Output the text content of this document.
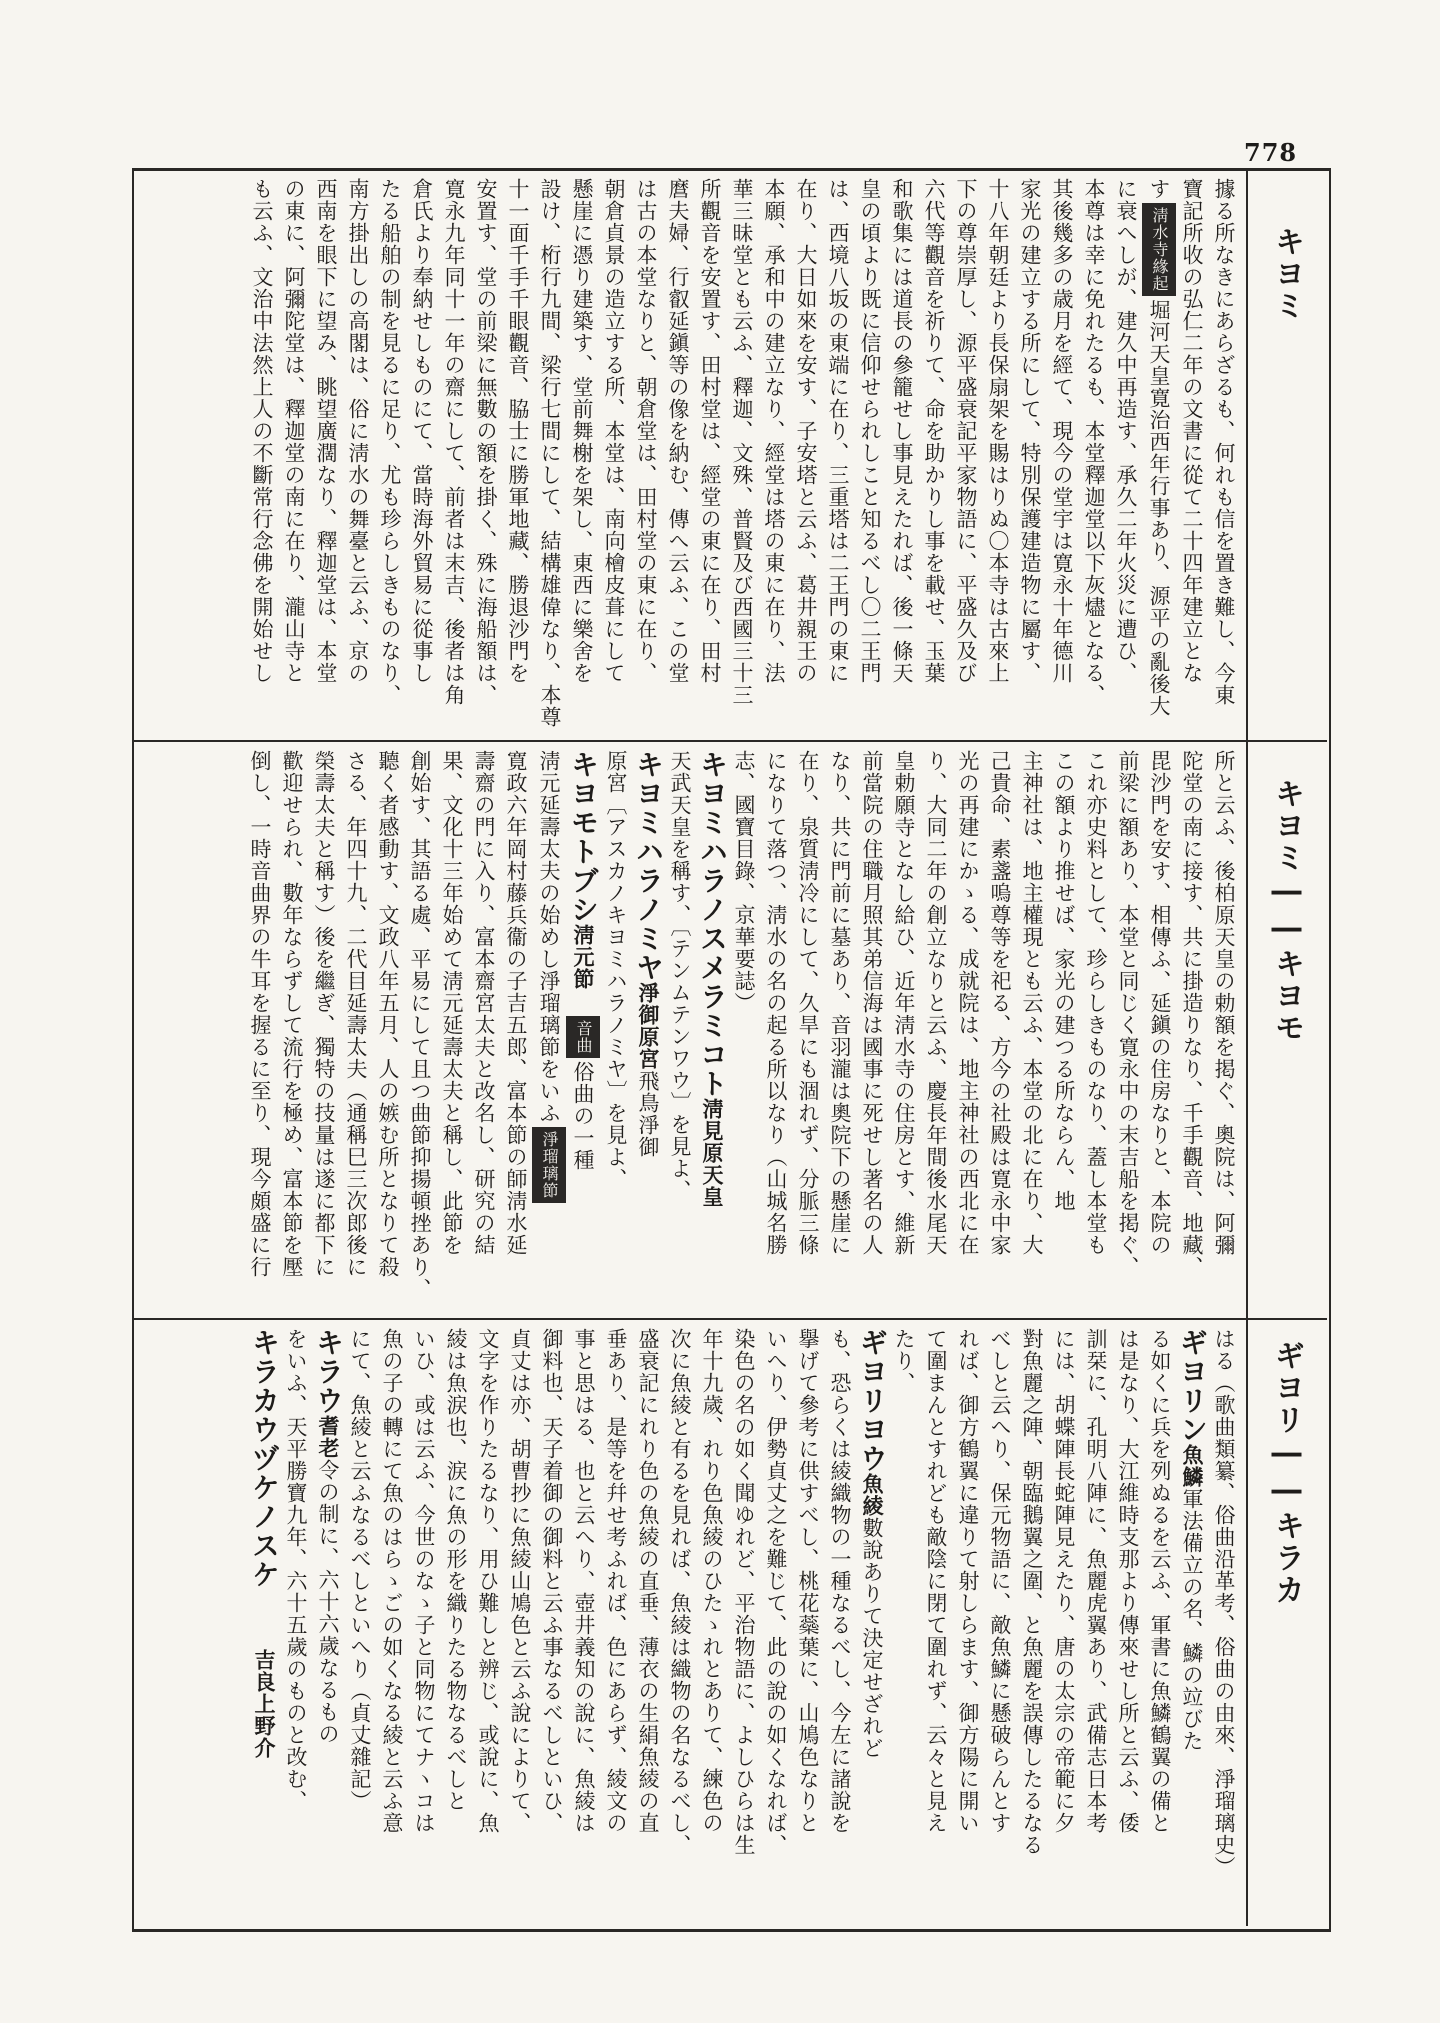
778
キヨミ
キヨミ――キヨモ
ギヨリ――キラカ

據る所なきにあらざるも、何れも信を置き難し、今東

寶記所收の弘仁二年の文書に從て二十四年建立とな

す淸水寺緣起堀河天皇寛治西年行事あり、源平の亂後大

に衰へしが、建久中再造す、承久二年火災に遭ひ、

本尊は幸に免れたるも、本堂釋迦堂以下灰燼となる、

其後幾多の歳月を經て、現今の堂宇は寛永十年德川

家光の建立する所にして、特別保護建造物に屬す、

十八年朝廷より長保扇架を賜はりぬ〇本寺は古來上

下の尊崇厚し、源平盛衰記平家物語に、平盛久及び

六代等觀音を祈りて、命を助かりし事を載せ、玉葉

和歌集には道長の參籠せし事見えたれば、後一條天

皇の頃より既に信仰せられしこと知るべし〇二王門

は、西境八坂の東端に在り、三重塔は二王門の東に

在り、大日如來を安す、子安塔と云ふ、葛井親王の

本願、承和中の建立なり、經堂は塔の東に在り、法

華三昧堂とも云ふ、釋迦、文殊、普賢及び西國三十三

所觀音を安置す、田村堂は、經堂の東に在り、田村

麿夫婦、行叡延鎭等の像を納む、傳へ云ふ、この堂

は古の本堂なりと、朝倉堂は、田村堂の東に在り、

朝倉貞景の造立する所、本堂は、南向檜皮葺にして

懸崖に憑り建築す、堂前舞榭を架し、東西に樂舍を

設け、桁行九間、梁行七間にして、結構雄偉なり、本尊

十一面千手千眼觀音、脇士に勝軍地藏、勝退沙門を

安置す、堂の前梁に無數の額を掛く、殊に海船額は、

寛永九年同十一年の齋にして、前者は末吉、後者は角

倉氏より奉納せしものにて、當時海外貿易に從事し

たる船舶の制を見るに足り、尤も珍らしきものなり、

南方掛出しの高閣は、俗に淸水の舞臺と云ふ、京の

西南を眼下に望み、眺望廣濶なり、釋迦堂は、本堂

の東に、阿彌陀堂は、釋迦堂の南に在り、瀧山寺と

も云ふ、文治中法然上人の不斷常行念佛を開始せし

所と云ふ、後柏原天皇の勅額を掲ぐ、奧院は、阿彌

陀堂の南に接す、共に掛造りなり、千手觀音、地藏、

毘沙門を安す、相傳ふ、延鎭の住房なりと、本院の

前梁に額あり、本堂と同じく寛永中の末吉船を掲ぐ、

これ亦史料として、珍らしきものなり、蓋し本堂も

この額より推せば、家光の建つる所ならん、地

主神社は、地主權現とも云ふ、本堂の北に在り、大

己貴命、素盞嗚尊等を祀る、方今の社殿は寛永中家

光の再建にかゝる、成就院は、地主神社の西北に在

り、大同二年の創立なりと云ふ、慶長年間後水尾天

皇勅願寺となし給ひ、近年淸水寺の住房とす、維新

前當院の住職月照其弟信海は國事に死せし著名の人

なり、共に門前に墓あり、音羽瀧は奧院下の懸崖に

在り、泉質淸冷にして、久旱にも涸れず、分脈三條

になりて落つ、淸水の名の起る所以なり（山城名勝

志、國寶目錄、京華要誌）

キヨミハラノスメラミコト淸見原天皇

天武天皇を稱す、〔テンムテンワウ〕を見よ、

キヨミハラノミヤ淨御原宮飛鳥淨御

原宮〔アスカノキヨミハラノミヤ〕を見よ、

キヨモトブシ淸元節音曲俗曲の一種

淸元延壽太夫の始めし淨瑠璃節をいふ淨瑠璃節

寛政六年岡村藤兵衞の子吉五郎、富本節の師淸水延

壽齋の門に入り、富本齋宮太夫と改名し、研究の結

果、文化十三年始めて淸元延壽太夫と稱し、此節を

創始す、其語る處、平易にして且つ曲節抑揚頓挫あり、

聽く者感動す、文政八年五月、人の嫉む所となりて殺

さる、年四十九、二代目延壽太夫（通稱巳三次郎後に

榮壽太夫と稱す）後を繼ぎ、獨特の技量は遂に都下に

歡迎せられ、數年ならずして流行を極め、富本節を壓

倒し、一時音曲界の牛耳を握るに至り、現今頗盛に行

はる（歌曲類纂、俗曲沿革考、俗曲の由來、淨瑠璃史）

ギヨリン魚鱗軍法備立の名、鱗の竝びた

る如くに兵を列ぬるを云ふ、軍書に魚鱗鶴翼の備と

は是なり、大江維時支那より傳來せし所と云ふ、倭

訓栞に、孔明八陣に、魚麗虎翼あり、武備志日本考

には、胡蝶陣長蛇陣見えたり、唐の太宗の帝範に夕

對魚麗之陣、朝臨鵝翼之圍、と魚麗を誤傳したるなる

べしと云へり、保元物語に、敵魚鱗に懸破らんとす

れば、御方鶴翼に違りて射しらます、御方陽に開い

て圍まんとすれども敵陰に閉て圍れず、云々と見え

たり、

ギヨリヨウ魚綾數說ありて決定せざれど

も、恐らくは綾織物の一種なるべし、今左に諸說を

擧げて參考に供すべし、桃花蘂葉に、山鳩色なりと

いへり、伊勢貞丈之を難じて、此の說の如くなれば、

染色の名の如く聞ゆれど、平治物語に、よしひらは生

年十九歲、れり色魚綾のひたゝれとありて、練色の

次に魚綾と有るを見れば、魚綾は織物の名なるべし、

盛衰記にれり色の魚綾の直垂、薄衣の生絹魚綾の直

垂あり、是等を幷せ考ふれば、色にあらず、綾文の

事と思はる、也と云へり、壺井義知の說に、魚綾は

御料也、天子着御の御料と云ふ事なるべしといひ、

貞丈は亦、胡曹抄に魚綾山鳩色と云ふ說によりて、

文字を作りたるなり、用ひ難しと辨じ、或說に、魚

綾は魚涙也、涙に魚の形を織りたる物なるべしと

いひ、或は云ふ、今世のなゝ子と同物にてナヽコは

魚の子の轉にて魚のはらゝごの如くなる綾と云ふ意

にて、魚綾と云ふなるべしといへり（貞丈雜記）

キラウ耆老令の制に、六十六歲なるもの

をいふ、天平勝寶九年、六十五歲のものと改む、

キラカウヅケノスケ吉良上野介
